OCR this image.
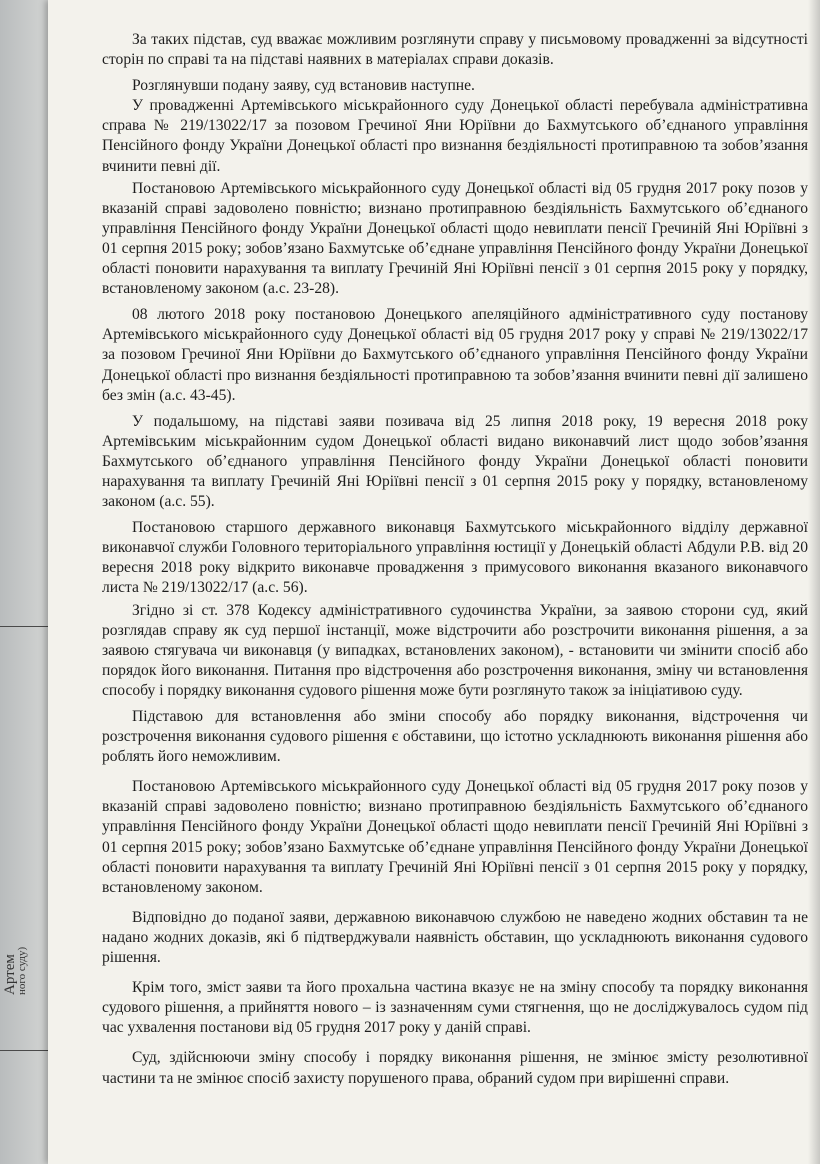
Артем
ного суду)

За таких підстав, суд вважає можливим розглянути справу у письмовому провадженні за відсутності сторін по справі та на підставі наявних в матеріалах справи доказів.

Розглянувши подану заяву, суд встановив наступне.

У провадженні Артемівського міськрайонного суду Донецької області перебувала адміністративна справа № 219/13022/17 за позовом Гречиної Яни Юріївни до Бахмутського об’єднаного управління Пенсійного фонду України Донецької області про визнання бездіяльності протиправною та зобов’язання вчинити певні дії.

Постановою Артемівського міськрайонного суду Донецької області від 05 грудня 2017 року позов у вказаній справі задоволено повністю; визнано протиправною бездіяльність Бахмутського об’єднаного управління Пенсійного фонду України Донецької області щодо невиплати пенсії Гречиній Яні Юріївні з 01 серпня 2015 року; зобов’язано Бахмутське об’єднане управління Пенсійного фонду України Донецької області поновити нарахування та виплату Гречиній Яні Юріївні пенсії з 01 серпня 2015 року у порядку, встановленому законом (а.с. 23-28).

08 лютого 2018 року постановою Донецького апеляційного адміністративного суду постанову Артемівського міськрайонного суду Донецької області від 05 грудня 2017 року у справі № 219/13022/17 за позовом Гречиної Яни Юріївни до Бахмутського об’єднаного управління Пенсійного фонду України Донецької області про визнання бездіяльності протиправною та зобов’язання вчинити певні дії залишено без змін (а.с. 43-45).

У подальшому, на підставі заяви позивача від 25 липня 2018 року, 19 вересня 2018 року Артемівським міськрайонним судом Донецької області видано виконавчий лист щодо зобов’язання Бахмутського об’єднаного управління Пенсійного фонду України Донецької області поновити нарахування та виплату Гречиній Яні Юріївні пенсії з 01 серпня 2015 року у порядку, встановленому законом (а.с. 55).

Постановою старшого державного виконавця Бахмутського міськрайонного відділу державної виконавчої служби Головного територіального управління юстиції у Донецькій області Абдули Р.В. від 20 вересня 2018 року відкрито виконавче провадження з примусового виконання вказаного виконавчого листа № 219/13022/17 (а.с. 56).

Згідно зі ст. 378 Кодексу адміністративного судочинства України, за заявою сторони суд, який розглядав справу як суд першої інстанції, може відстрочити або розстрочити виконання рішення, а за заявою стягувача чи виконавця (у випадках, встановлених законом), - встановити чи змінити спосіб або порядок його виконання. Питання про відстрочення або розстрочення виконання, зміну чи встановлення способу і порядку виконання судового рішення може бути розглянуто також за ініціативою суду.

Підставою для встановлення або зміни способу або порядку виконання, відстрочення чи розстрочення виконання судового рішення є обставини, що істотно ускладнюють виконання рішення або роблять його неможливим.

Постановою Артемівського міськрайонного суду Донецької області від 05 грудня 2017 року позов у вказаній справі задоволено повністю; визнано протиправною бездіяльність Бахмутського об’єднаного управління Пенсійного фонду України Донецької області щодо невиплати пенсії Гречиній Яні Юріївні з 01 серпня 2015 року; зобов’язано Бахмутське об’єднане управління Пенсійного фонду України Донецької області поновити нарахування та виплату Гречиній Яні Юріївні пенсії з 01 серпня 2015 року у порядку, встановленому законом.

Відповідно до поданої заяви, державною виконавчою службою не наведено жодних обставин та не надано жодних доказів, які б підтверджували наявність обставин, що ускладнюють виконання судового рішення.

Крім того, зміст заяви та його прохальна частина вказує не на зміну способу та порядку виконання судового рішення, а прийняття нового – із зазначенням суми стягнення, що не досліджувалось судом під час ухвалення постанови від 05 грудня 2017 року у даній справі.

Суд, здійснюючи зміну способу і порядку виконання рішення, не змінює змісту резолютивної частини та не змінює спосіб захисту порушеного права, обраний судом при вирішенні справи.
